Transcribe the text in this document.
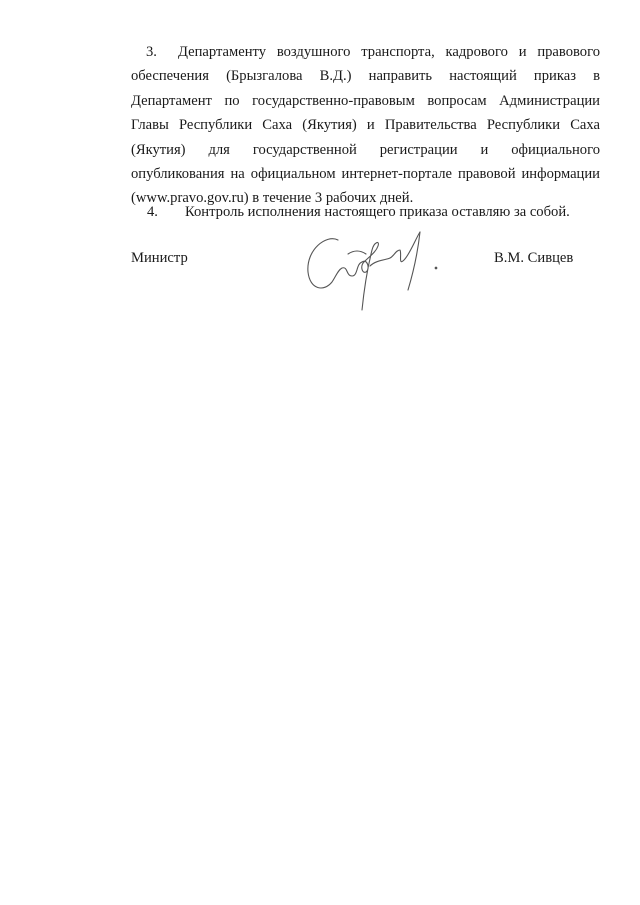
3. Департаменту воздушного транспорта, кадрового и правового обеспечения (Брызгалова В.Д.) направить настоящий приказ в Департамент по государственно-правовым вопросам Администрации Главы Республики Саха (Якутия) и Правительства Республики Саха (Якутия) для государственной регистрации и официального опубликования на официальном интернет-портале правовой информации (www.pravo.gov.ru) в течение 3 рабочих дней.

4. Контроль исполнения настоящего приказа оставляю за собой.

Министр	В.М. Сивцев
